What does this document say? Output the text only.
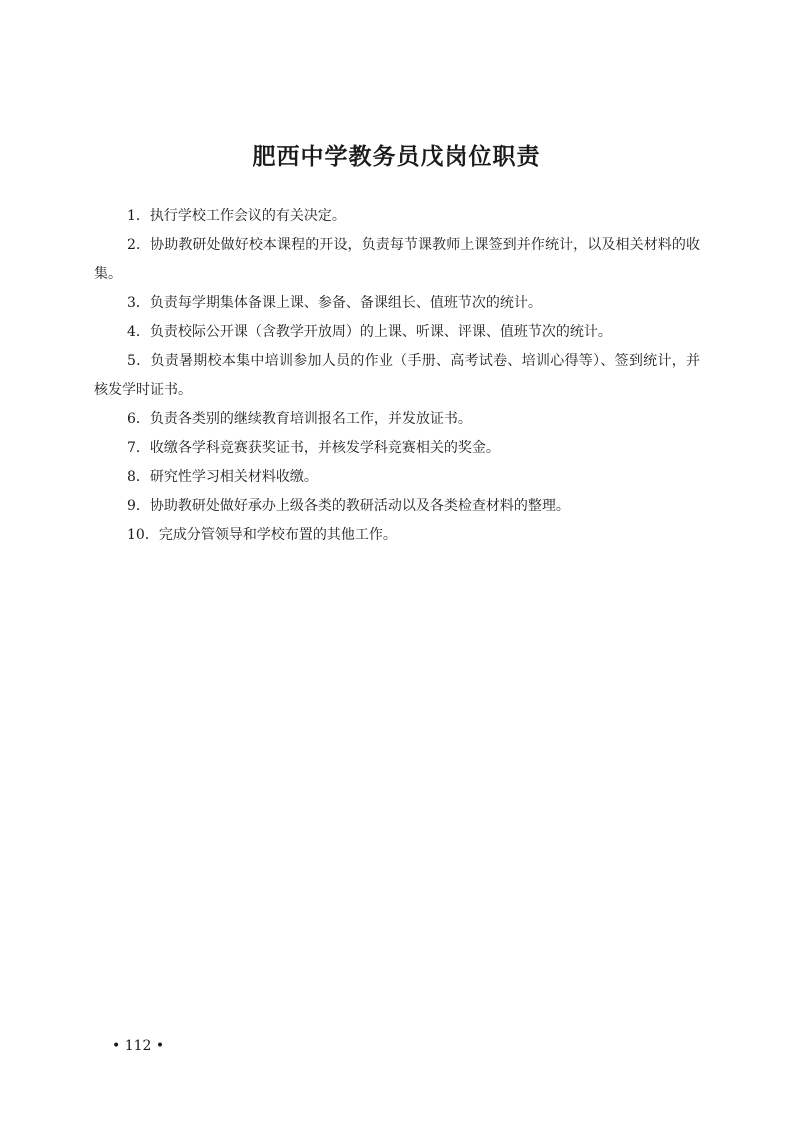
肥西中学教务员戊岗位职责
1．执行学校工作会议的有关决定。
2．协助教研处做好校本课程的开设，负责每节课教师上课签到并作统计，以及相关材料的收集。
3．负责每学期集体备课上课、参备、备课组长、值班节次的统计。
4．负责校际公开课（含教学开放周）的上课、听课、评课、值班节次的统计。
5．负责暑期校本集中培训参加人员的作业（手册、高考试卷、培训心得等）、签到统计，并核发学时证书。
6．负责各类别的继续教育培训报名工作，并发放证书。
7．收缴各学科竞赛获奖证书，并核发学科竞赛相关的奖金。
8．研究性学习相关材料收缴。
9．协助教研处做好承办上级各类的教研活动以及各类检查材料的整理。
10．完成分管领导和学校布置的其他工作。
• 112 •
